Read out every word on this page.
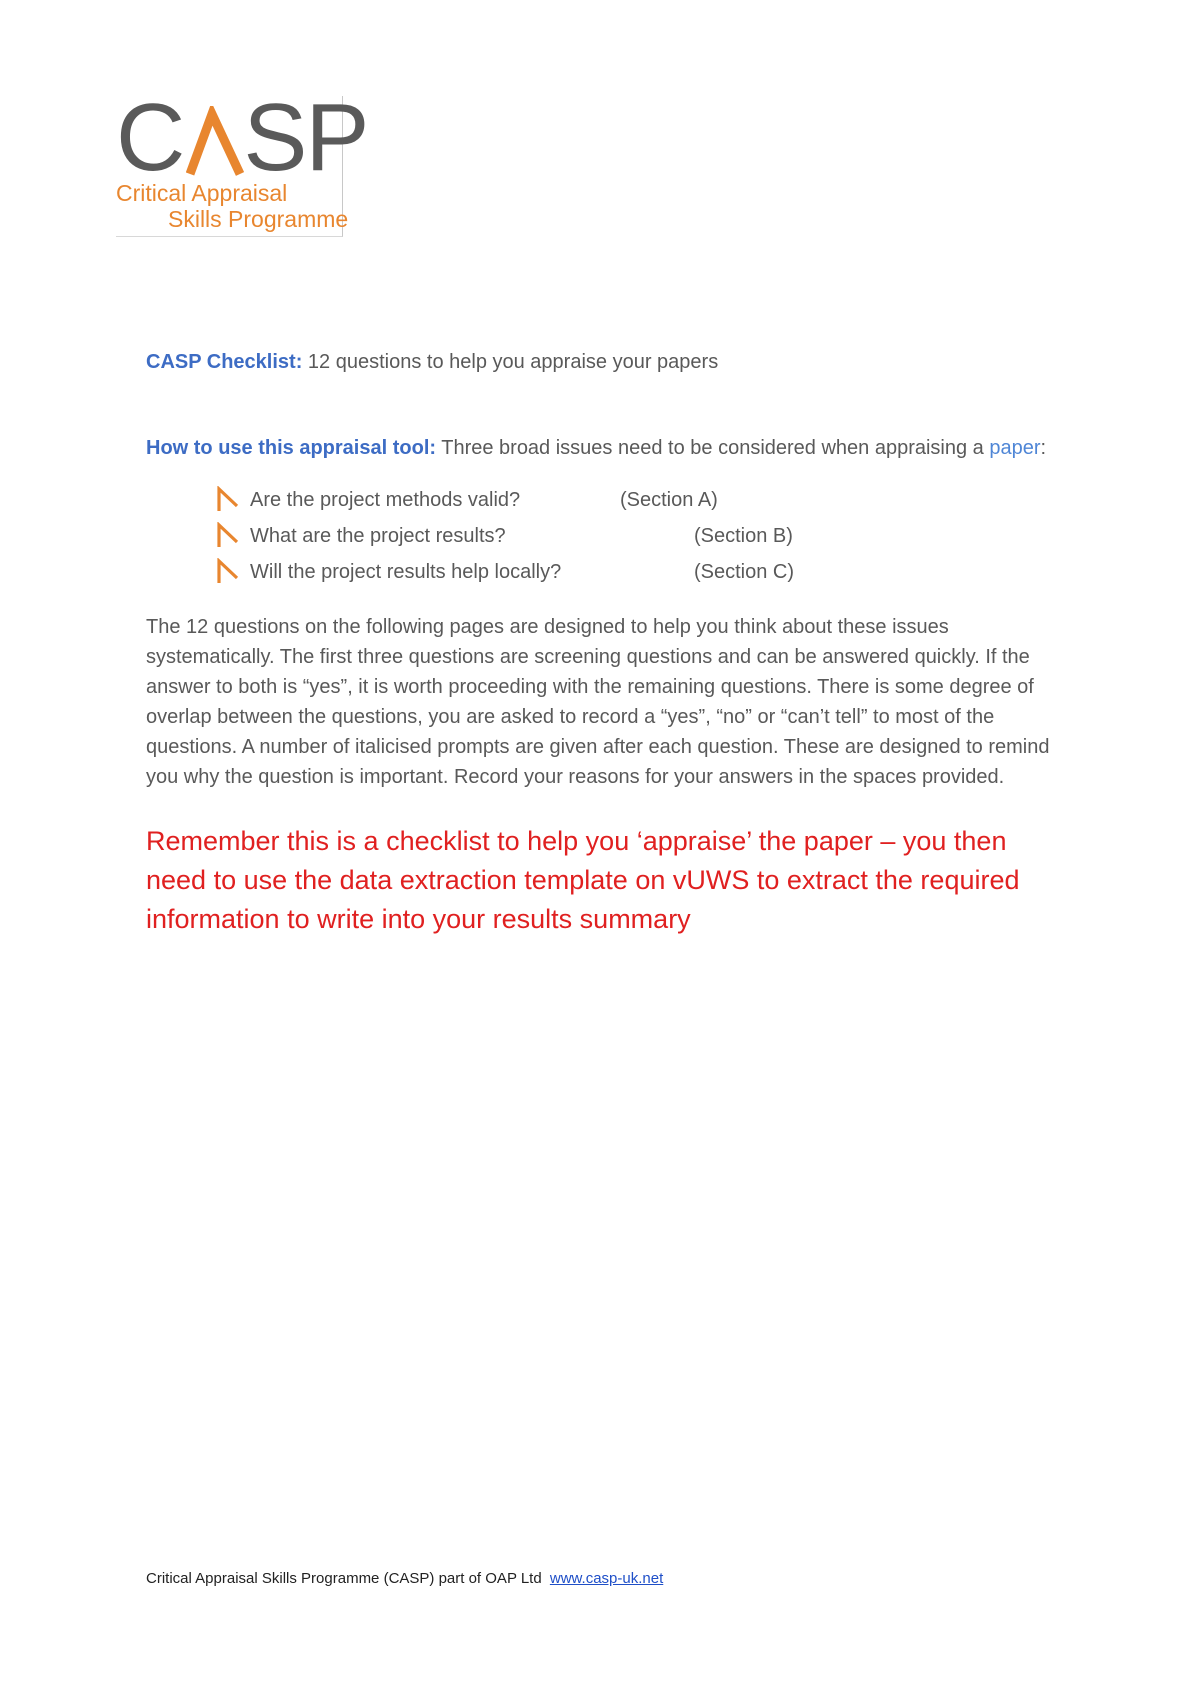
C SP
Critical Appraisal
Skills Programme

CASP Checklist: 12 questions to help you appraise your papers

How to use this appraisal tool: Three broad issues need to be considered when appraising a paper:
Are the project methods valid?	(Section A)
What are the project results?	(Section B)
Will the project results help locally?	(Section C)

The 12 questions on the following pages are designed to help you think about these issues systematically. The first three questions are screening questions and can be answered quickly. If the answer to both is “yes”, it is worth proceeding with the remaining questions. There is some degree of overlap between the questions, you are asked to record a “yes”, “no” or “can’t tell” to most of the questions. A number of italicised prompts are given after each question. These are designed to remind you why the question is important. Record your reasons for your answers in the spaces provided.

Remember this is a checklist to help you ‘appraise’ the paper – you then need to use the data extraction template on vUWS to extract the required information to write into your results summary

Critical Appraisal Skills Programme (CASP) part of OAP Ltd www.casp-uk.net
